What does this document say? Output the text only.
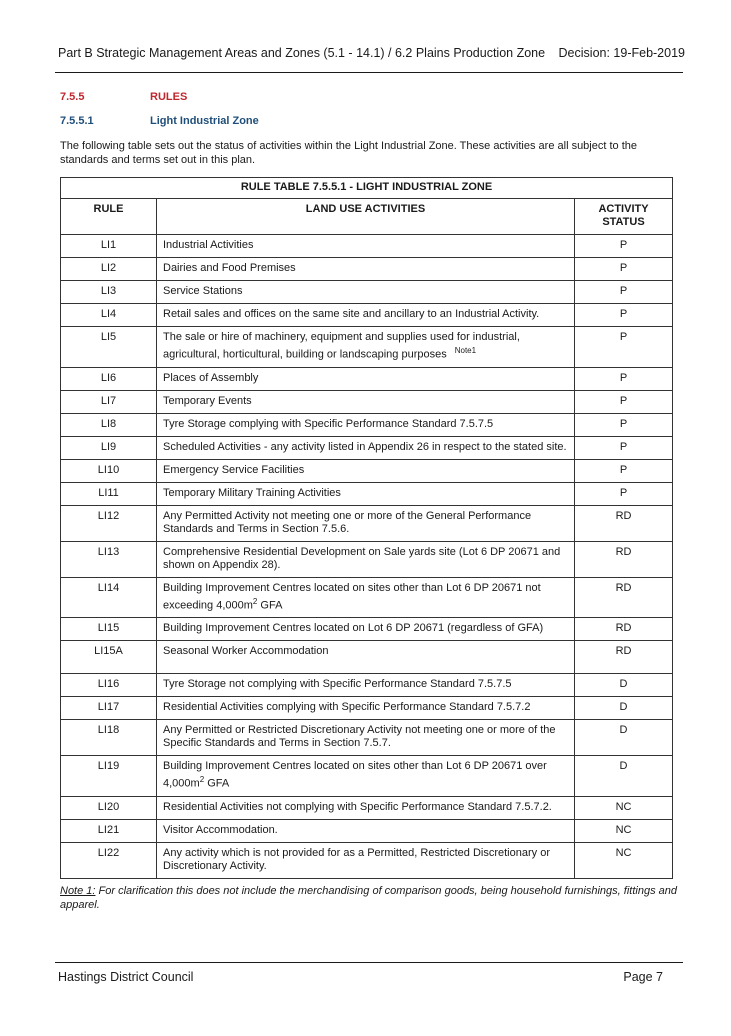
Part B Strategic Management Areas and Zones (5.1 - 14.1) / 6.2 Plains Production Zone Decision: 19-Feb-2019
7.5.5	RULES
7.5.5.1	Light Industrial Zone
The following table sets out the status of activities within the Light Industrial Zone. These activities are all subject to the standards and terms set out in this plan.
RULE TABLE 7.5.5.1 - LIGHT INDUSTRIAL ZONE		
RULE	LAND USE ACTIVITIES	ACTIVITY STATUS
LI1	Industrial Activities	P
LI2	Dairies and Food Premises	P
LI3	Service Stations	P
LI4	Retail sales and offices on the same site and ancillary to an Industrial Activity.	P
LI5	The sale or hire of machinery, equipment and supplies used for industrial, agricultural, horticultural, building or landscaping purposes $^{Note1}$	P
LI6	Places of Assembly	P
LI7	Temporary Events	P
LI8	Tyre Storage complying with Specific Performance Standard 7.5.7.5	P
LI9	Scheduled Activities - any activity listed in Appendix 26 in respect to the stated site.	P
LI10	Emergency Service Facilities	P
LI11	Temporary Military Training Activities	P
LI12	Any Permitted Activity not meeting one or more of the General Performance Standards and Terms in Section 7.5.6.	RD
LI13	Comprehensive Residential Development on Sale yards site (Lot 6 DP 20671 and shown on Appendix 28).	RD
LI14	Building Improvement Centres located on sites other than Lot 6 DP 20671 not exceeding $4,000m^2$ GFA	RD
LI15	Building Improvement Centres located on Lot 6 DP 20671 (regardless of GFA)	RD
LI15A	Seasonal Worker Accommodation	RD
LI16	Tyre Storage not complying with Specific Performance Standard 7.5.7.5	D
LI17	Residential Activities complying with Specific Performance Standard 7.5.7.2	D
LI18	Any Permitted or Restricted Discretionary Activity not meeting one or more of the Specific Standards and Terms in Section 7.5.7.	D
LI19	Building Improvement Centres located on sites other than Lot 6 DP 20671 over $4,000m^2$ GFA	D
LI20	Residential Activities not complying with Specific Performance Standard 7.5.7.2.	NC
LI21	Visitor Accommodation.	NC
LI22	Any activity which is not provided for as a Permitted, Restricted Discretionary or Discretionary Activity.	NC
Note 1: For clarification this does not include the merchandising of comparison goods, being household furnishings, fittings and apparel.
Hastings District Council	Page 7
